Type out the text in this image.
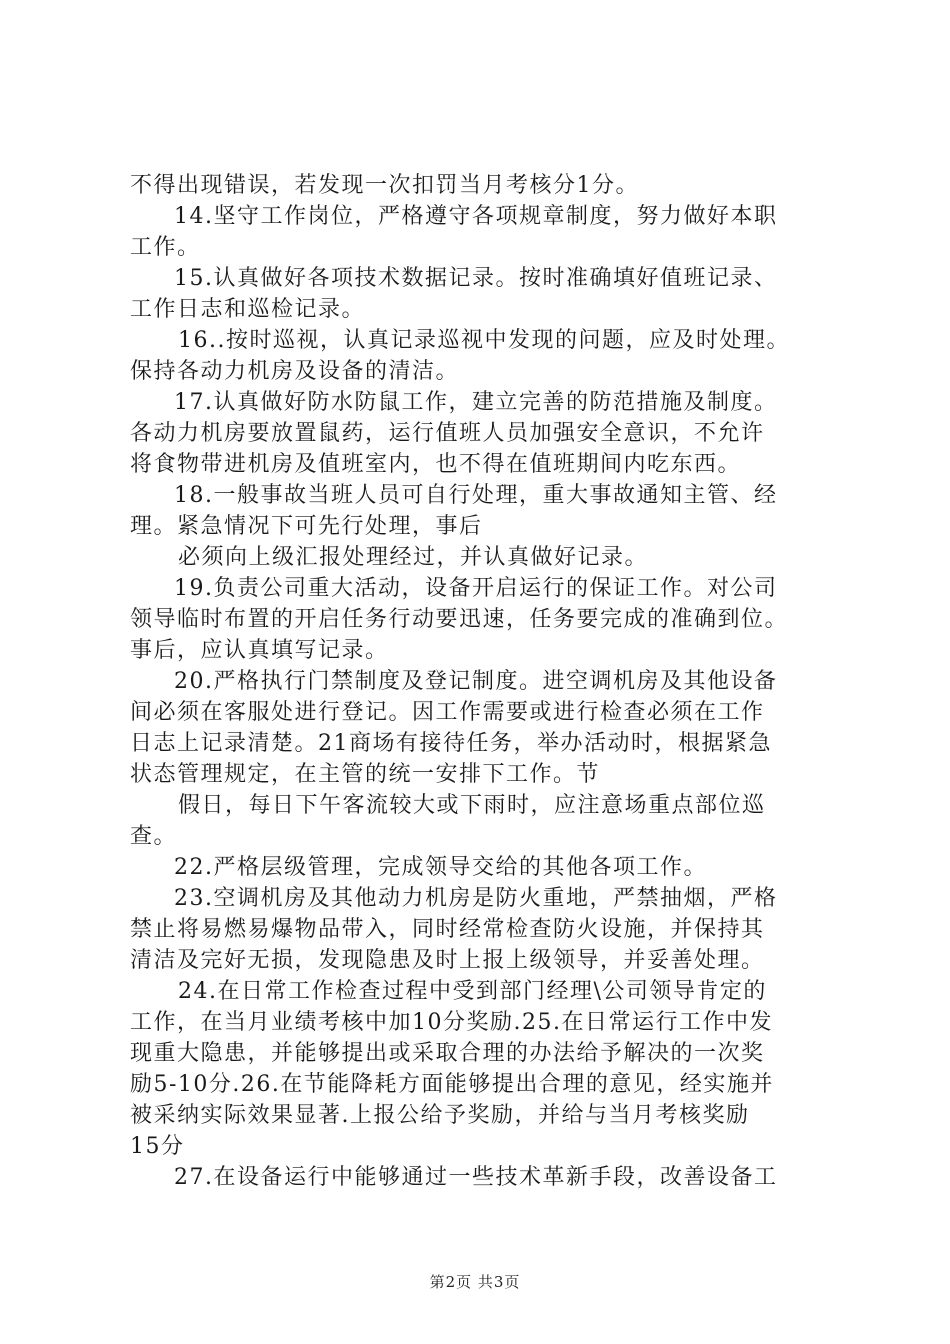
不得出现错误，若发现一次扣罚当月考核分1分。
14.坚守工作岗位，严格遵守各项规章制度，努力做好本职
工作。
15.认真做好各项技术数据记录。按时准确填好值班记录、
工作日志和巡检记录。
16..按时巡视，认真记录巡视中发现的问题，应及时处理。
保持各动力机房及设备的清洁。
17.认真做好防水防鼠工作，建立完善的防范措施及制度。
各动力机房要放置鼠药，运行值班人员加强安全意识，不允许
将食物带进机房及值班室内，也不得在值班期间内吃东西。
18.一般事故当班人员可自行处理，重大事故通知主管、经
理。紧急情况下可先行处理，事后
必须向上级汇报处理经过，并认真做好记录。
19.负责公司重大活动，设备开启运行的保证工作。对公司
领导临时布置的开启任务行动要迅速，任务要完成的准确到位。
事后，应认真填写记录。
20.严格执行门禁制度及登记制度。进空调机房及其他设备
间必须在客服处进行登记。因工作需要或进行检查必须在工作
日志上记录清楚。21商场有接待任务，举办活动时，根据紧急
状态管理规定，在主管的统一安排下工作。节
假日，每日下午客流较大或下雨时，应注意场重点部位巡
查。
22.严格层级管理，完成领导交给的其他各项工作。
23.空调机房及其他动力机房是防火重地，严禁抽烟，严格
禁止将易燃易爆物品带入，同时经常检查防火设施，并保持其
清洁及完好无损，发现隐患及时上报上级领导，并妥善处理。
24.在日常工作检查过程中受到部门经理\公司领导肯定的
工作，在当月业绩考核中加10分奖励.25.在日常运行工作中发
现重大隐患，并能够提出或采取合理的办法给予解决的一次奖
励5-10分.26.在节能降耗方面能够提出合理的意见，经实施并
被采纳实际效果显著.上报公给予奖励，并给与当月考核奖励
15分
27.在设备运行中能够通过一些技术革新手段，改善设备工
第2页 共3页
